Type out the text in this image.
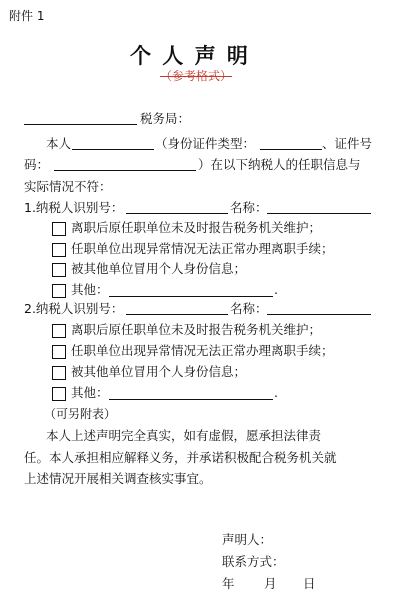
附件 1
个 人 声 明
（参考格式）
税务局：
本人	（身份证件类型：	、证件号
码：	）在以下纳税人的任职信息与
实际情况不符：
1.纳税人识别号：	名称：
离职后原任职单位未及时报告税务机关维护；
任职单位出现异常情况无法正常办理离职手续；
被其他单位冒用个人身份信息；
其他：	.
2.纳税人识别号：	名称：
离职后原任职单位未及时报告税务机关维护；
任职单位出现异常情况无法正常办理离职手续；
被其他单位冒用个人身份信息；
其他：	.
（可另附表）
本人上述声明完全真实，如有虚假，愿承担法律责
任。本人承担相应解释义务，并承诺积极配合税务机关就
上述情况开展相关调查核实事宜。
声明人：
联系方式：
年 月 日
